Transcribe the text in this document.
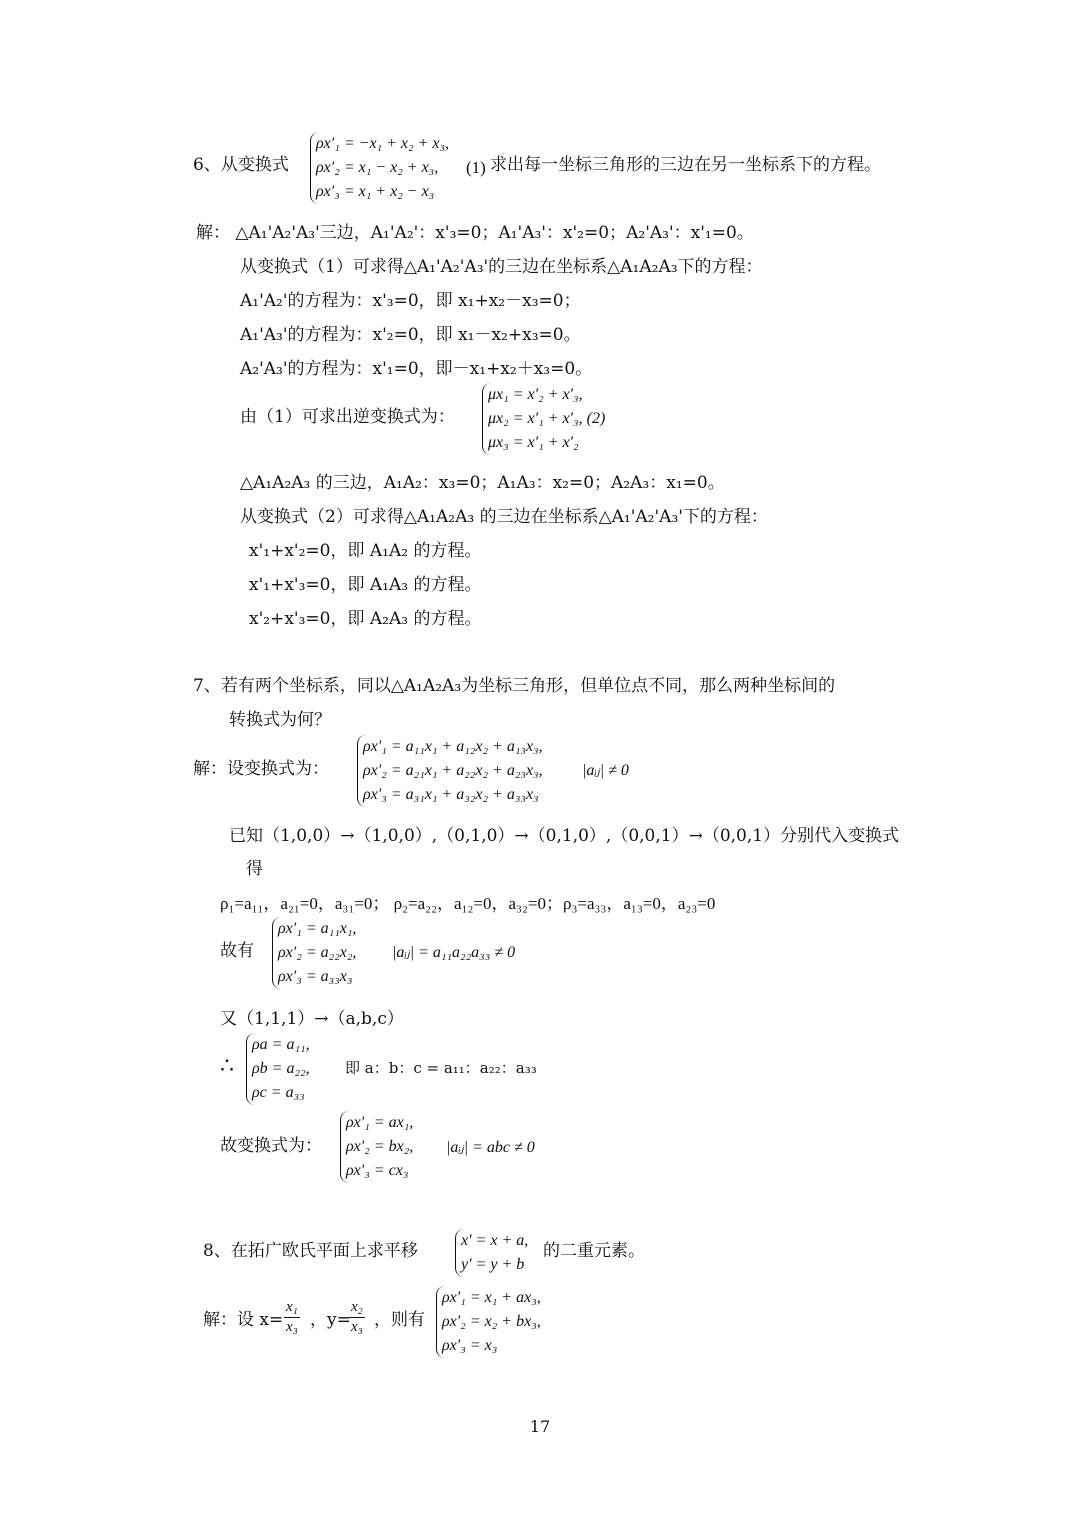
6、从变换式
ρx′₁ = −x₁ + x₂ + x₃,
ρx′₂ = x₁ − x₂ + x₃,
ρx′₃ = x₁ + x₂ − x₃
(1) 求出每一坐标三角形的三边在另一坐标系下的方程。
解： △A₁'A₂'A₃'三边，A₁'A₂'：x'₃=0；A₁'A₃'：x'₂=0；A₂'A₃'：x'₁=0。
从变换式（1）可求得△A₁'A₂'A₃'的三边在坐标系△A₁A₂A₃下的方程：
A₁'A₂'的方程为：x'₃=0，即 x₁+x₂－x₃=0；
A₁'A₃'的方程为：x'₂=0，即 x₁－x₂+x₃=0。
A₂'A₃'的方程为：x'₁=0，即－x₁+x₂＋x₃=0。
由（1）可求出逆变换式为：
μx₁ = x′₂ + x′₃,
μx₂ = x′₁ + x′₃, (2)
μx₃ = x′₁ + x′₂
△A₁A₂A₃ 的三边，A₁A₂：x₃=0；A₁A₃：x₂=0；A₂A₃：x₁=0。
从变换式（2）可求得△A₁A₂A₃ 的三边在坐标系△A₁'A₂'A₃'下的方程：
x'₁+x'₂=0，即 A₁A₂ 的方程。
x'₁+x'₃=0，即 A₁A₃ 的方程。
x'₂+x'₃=0，即 A₂A₃ 的方程。
7、若有两个坐标系，同以△A₁A₂A₃为坐标三角形，但单位点不同，那么两种坐标间的
转换式为何？
解：设变换式为：
ρx′₁ = a₁₁x₁ + a₁₂x₂ + a₁₃x₃,
ρx′₂ = a₂₁x₁ + a₂₂x₂ + a₂₃x₃,
ρx′₃ = a₃₁x₁ + a₃₂x₂ + a₃₃x₃
|aᵢⱼ| ≠ 0
已知（1,0,0）→（1,0,0）,（0,1,0）→（0,1,0）,（0,0,1）→（0,0,1）分别代入变换式
得
ρ₁=a₁₁，a₂₁=0，a₃₁=0； ρ₂=a₂₂，a₁₂=0，a₃₂=0；ρ₃=a₃₃，a₁₃=0，a₂₃=0
故有
ρx′₁ = a₁₁x₁,
ρx′₂ = a₂₂x₂,
ρx′₃ = a₃₃x₃
|aᵢⱼ| = a₁₁a₂₂a₃₃ ≠ 0
又（1,1,1）→（a,b,c）
∴
ρa = a₁₁,
ρb = a₂₂,
ρc = a₃₃
即 a：b：c = a₁₁：a₂₂：a₃₃
故变换式为：
ρx′₁ = ax₁,
ρx′₂ = bx₂,
ρx′₃ = cx₃
|aᵢⱼ| = abc ≠ 0
8、在拓广欧氏平面上求平移
x′ = x + a,
y′ = y + b
的二重元素。
解：设 $x= \frac{\text{x₁}}{\text{x₃}}$ ，y=
$\frac{\text{x₂}}{\text{x₃}}$ ，则有
ρx′₁ = x₁ + ax₃,
ρx′₂ = x₂ + bx₃,
ρx′₃ = x₃
17
